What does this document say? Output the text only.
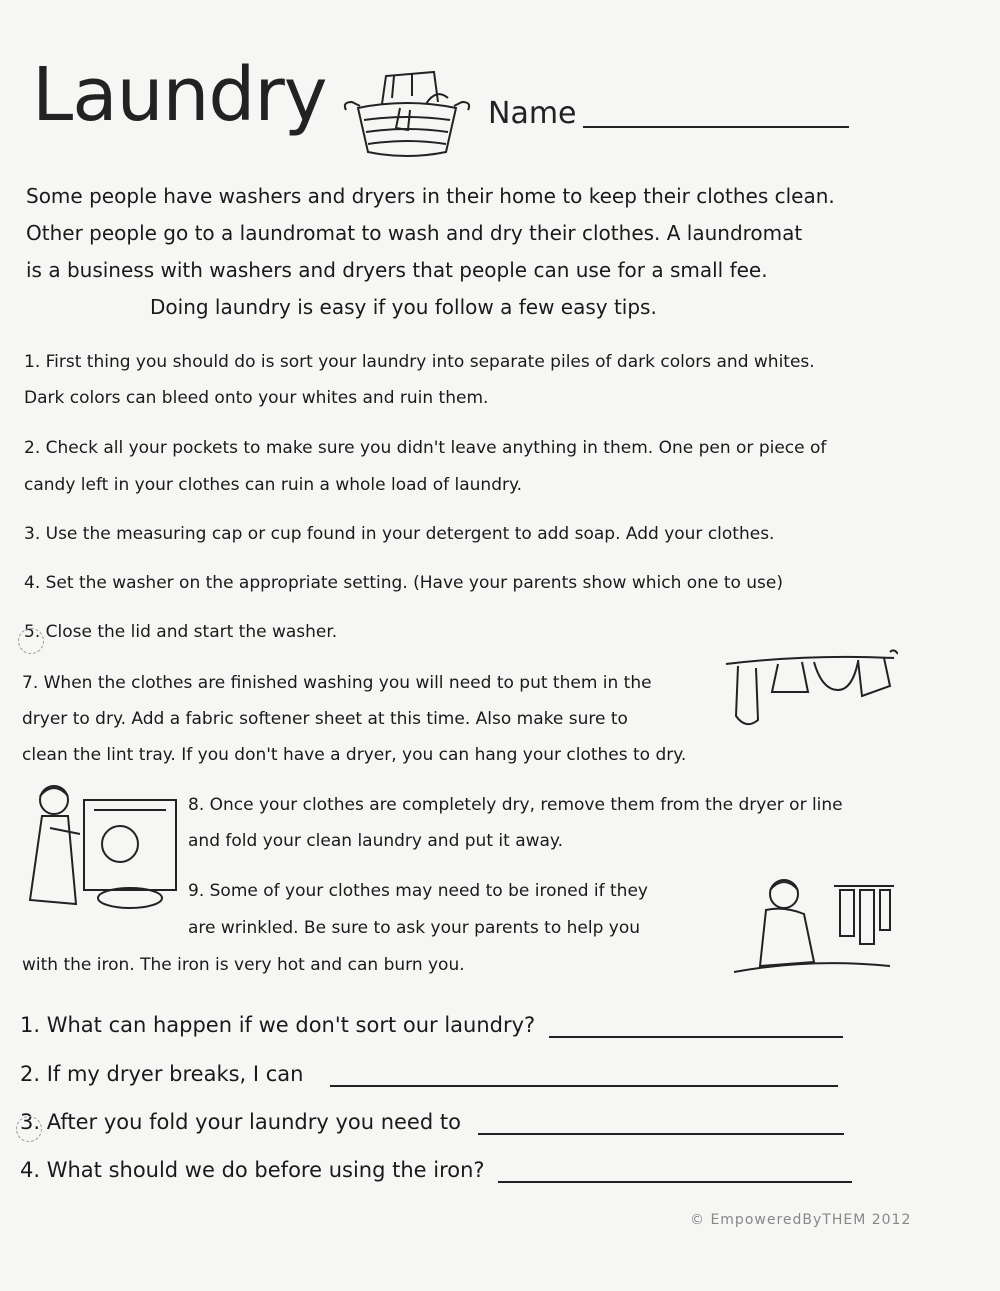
Laundry	Name
Some people have washers and dryers in their home to keep their clothes clean.
Other people go to a laundromat to wash and dry their clothes. A laundromat
is a business with washers and dryers that people can use for a small fee.
Doing laundry is easy if you follow a few easy tips.
1. First thing you should do is sort your laundry into separate piles of dark colors and whites.
Dark colors can bleed onto your whites and ruin them.
2. Check all your pockets to make sure you didn't leave anything in them. One pen or piece of
candy left in your clothes can ruin a whole load of laundry.
3. Use the measuring cap or cup found in your detergent to add soap. Add your clothes.
4. Set the washer on the appropriate setting. (Have your parents show which one to use)
5. Close the lid and start the washer.
7. When the clothes are finished washing you will need to put them in the
dryer to dry. Add a fabric softener sheet at this time. Also make sure to
clean the lint tray. If you don't have a dryer, you can hang your clothes to dry.
8. Once your clothes are completely dry, remove them from the dryer or line
and fold your clean laundry and put it away.
9. Some of your clothes may need to be ironed if they
are wrinkled. Be sure to ask your parents to help you
with the iron. The iron is very hot and can burn you.
1. What can happen if we don't sort our laundry?
2. If my dryer breaks, I can
3. After you fold your laundry you need to
4. What should we do before using the iron?
© EmpoweredByTHEM 2012
